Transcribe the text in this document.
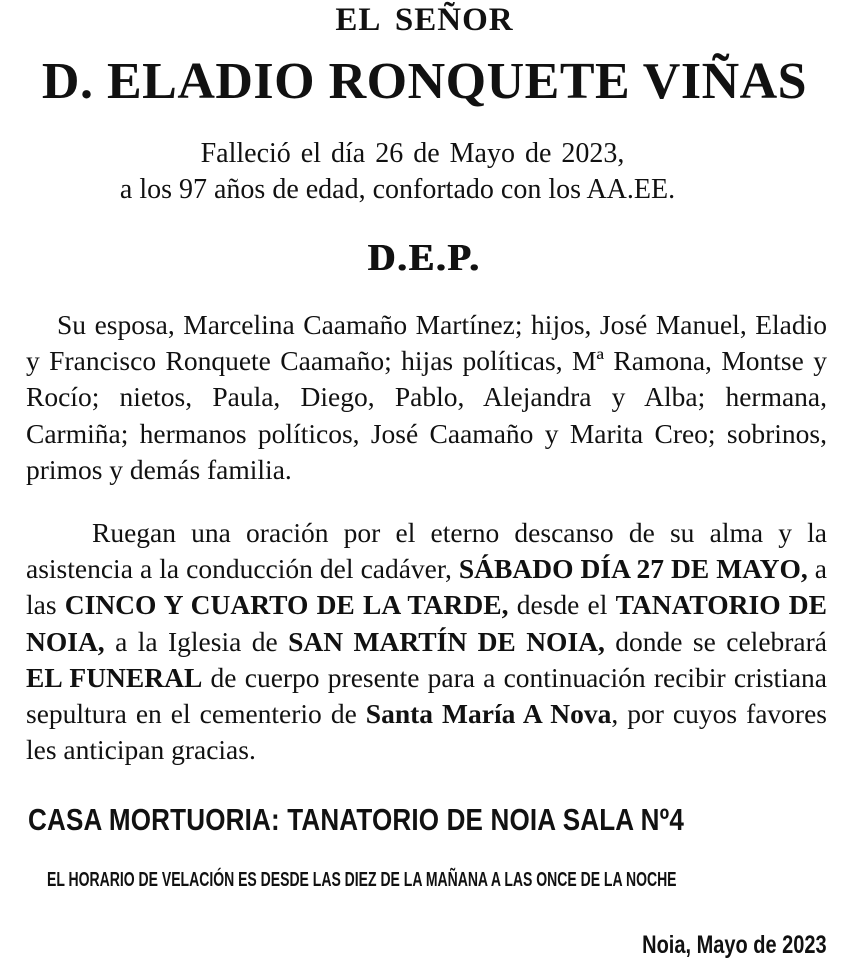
EL SEÑOR
D. ELADIO RONQUETE VIÑAS
Falleció el día 26 de Mayo de 2023,
a los 97 años de edad, confortado con los AA.EE.
D.E.P.
Su esposa, Marcelina Caamaño Martínez; hijos, José Manuel, Eladio y Francisco Ronquete Caamaño; hijas políticas, Mª Ramona, Montse y Rocío; nietos, Paula, Diego, Pablo, Alejandra y Alba; hermana, Carmiña; hermanos políticos, José Caamaño y Marita Creo; sobrinos, primos y demás familia.
Ruegan una oración por el eterno descanso de su alma y la asistencia a la conducción del cadáver, SÁBADO DÍA 27 DE MAYO, a las CINCO Y CUARTO DE LA TARDE, desde el TANATORIO DE NOIA, a la Iglesia de SAN MARTÍN DE NOIA, donde se celebrará EL FUNERAL de cuerpo presente para a continuación recibir cristiana sepultura en el cementerio de Santa María A Nova, por cuyos favores les anticipan gracias.
CASA MORTUORIA: TANATORIO DE NOIA SALA Nº4
EL HORARIO DE VELACIÓN ES DESDE LAS DIEZ DE LA MAÑANA A LAS ONCE DE LA NOCHE
Noia, Mayo de 2023
